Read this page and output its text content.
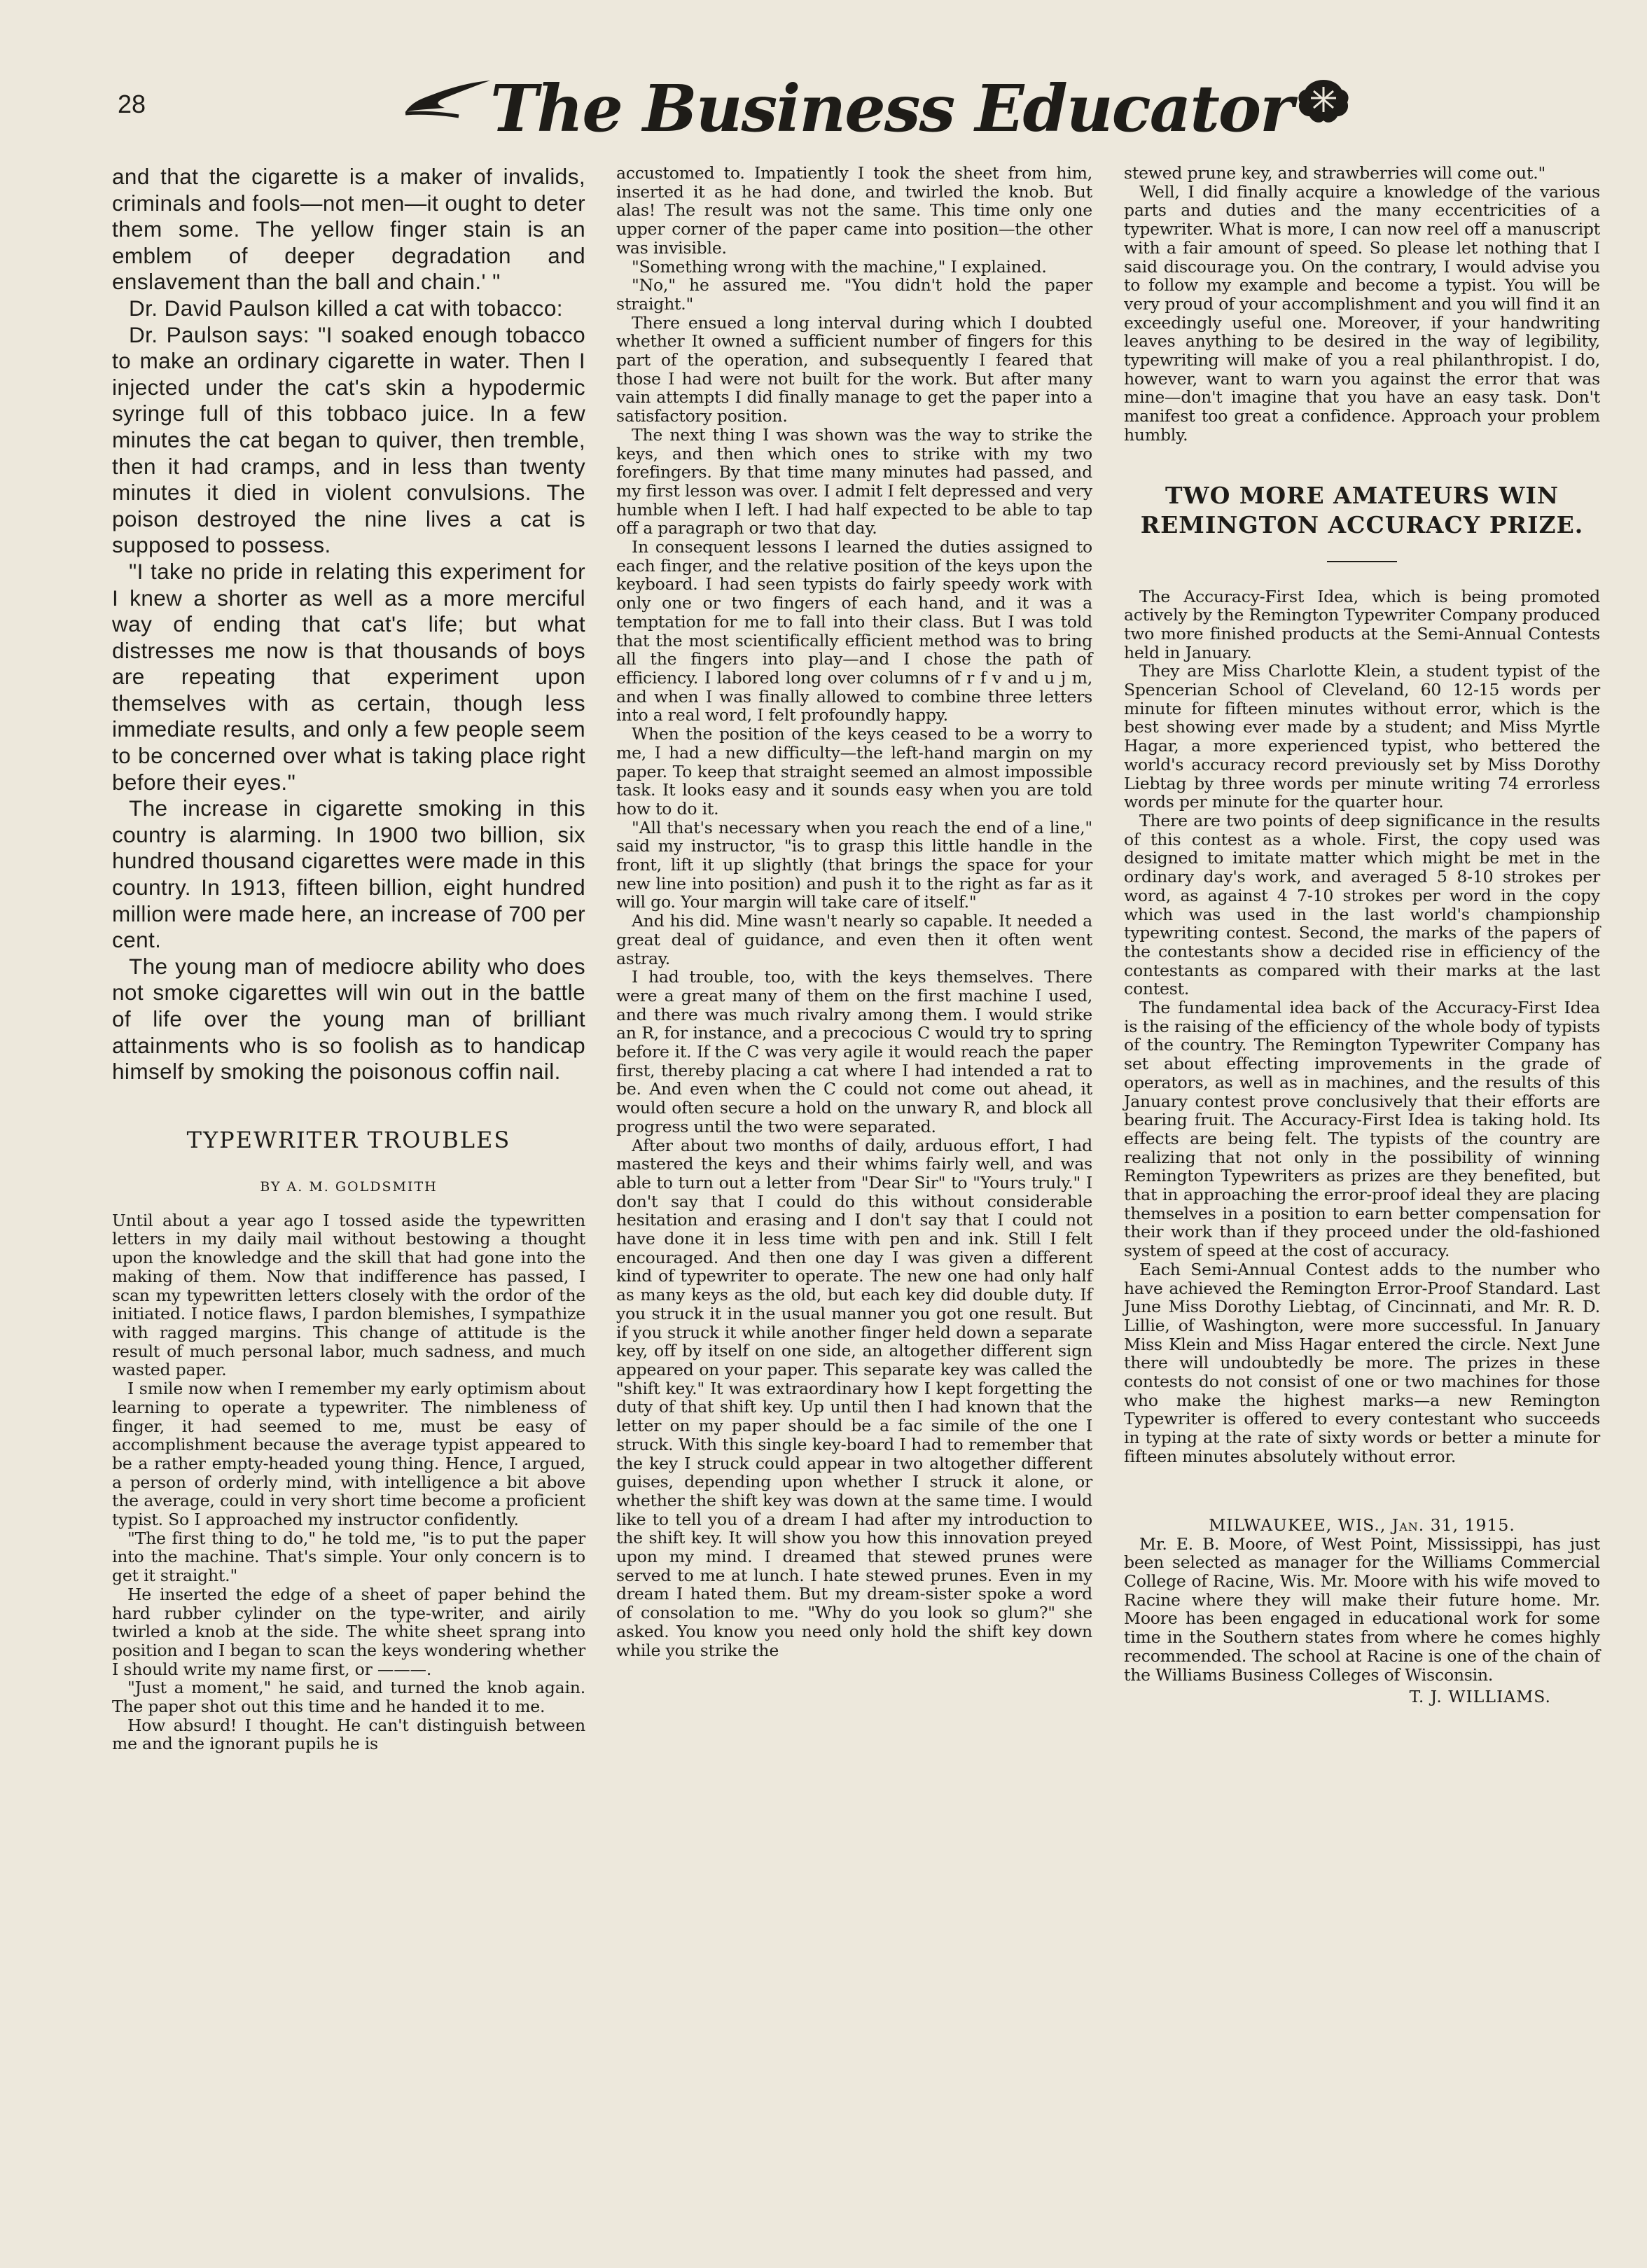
28	The Business Educator

and that the cigarette is a maker of invalids, criminals and fools—not men—it ought to deter them some. The yellow finger stain is an emblem of deeper degradation and enslavement than the ball and chain.' "

Dr. David Paulson killed a cat with tobacco:

Dr. Paulson says: "I soaked enough tobacco to make an ordinary cigarette in water. Then I injected under the cat's skin a hypodermic syringe full of this tobbaco juice. In a few minutes the cat began to quiver, then tremble, then it had cramps, and in less than twenty minutes it died in violent convulsions. The poison destroyed the nine lives a cat is supposed to possess.

"I take no pride in relating this experiment for I knew a shorter as well as a more merciful way of ending that cat's life; but what distresses me now is that thousands of boys are repeating that experiment upon themselves with as certain, though less immediate results, and only a few people seem to be concerned over what is taking place right before their eyes."

The increase in cigarette smoking in this country is alarming. In 1900 two billion, six hundred thousand cigarettes were made in this country. In 1913, fifteen billion, eight hundred million were made here, an increase of 700 per cent.

The young man of mediocre ability who does not smoke cigarettes will win out in the battle of life over the young man of brilliant attainments who is so foolish as to handicap himself by smoking the poisonous coffin nail.

TYPEWRITER TROUBLES
BY A. M. GOLDSMITH

Until about a year ago I tossed aside the typewritten letters in my daily mail without bestowing a thought upon the knowledge and the skill that had gone into the making of them. Now that indifference has passed, I scan my typewritten letters closely with the ordor of the initiated. I notice flaws, I pardon blemishes, I sympathize with ragged margins. This change of attitude is the result of much personal labor, much sadness, and much wasted paper.

I smile now when I remember my early optimism about learning to operate a typewriter. The nimbleness of finger, it had seemed to me, must be easy of accomplishment because the average typist appeared to be a rather empty-headed young thing. Hence, I argued, a person of orderly mind, with intelligence a bit above the average, could in very short time become a proficient typist. So I approached my instructor confidently.

"The first thing to do," he told me, "is to put the paper into the machine. That's simple. Your only concern is to get it straight."

He inserted the edge of a sheet of paper behind the hard rubber cylinder on the type-writer, and airily twirled a knob at the side. The white sheet sprang into position and I began to scan the keys wondering whether I should write my name first, or ———.

"Just a moment," he said, and turned the knob again. The paper shot out this time and he handed it to me.

How absurd! I thought. He can't distinguish between me and the ignorant pupils he is

accustomed to. Impatiently I took the sheet from him, inserted it as he had done, and twirled the knob. But alas! The result was not the same. This time only one upper corner of the paper came into position—the other was invisible.

"Something wrong with the machine," I explained.

"No," he assured me. "You didn't hold the paper straight."

There ensued a long interval during which I doubted whether It owned a sufficient number of fingers for this part of the operation, and subsequently I feared that those I had were not built for the work. But after many vain attempts I did finally manage to get the paper into a satisfactory position.

The next thing I was shown was the way to strike the keys, and then which ones to strike with my two forefingers. By that time many minutes had passed, and my first lesson was over. I admit I felt depressed and very humble when I left. I had half expected to be able to tap off a paragraph or two that day.

In consequent lessons I learned the duties assigned to each finger, and the relative position of the keys upon the keyboard. I had seen typists do fairly speedy work with only one or two fingers of each hand, and it was a temptation for me to fall into their class. But I was told that the most scientifically efficient method was to bring all the fingers into play—and I chose the path of efficiency. I labored long over columns of r f v and u j m, and when I was finally allowed to combine three letters into a real word, I felt profoundly happy.

When the position of the keys ceased to be a worry to me, I had a new difficulty—the left-hand margin on my paper. To keep that straight seemed an almost impossible task. It looks easy and it sounds easy when you are told how to do it.

"All that's necessary when you reach the end of a line," said my instructor, "is to grasp this little handle in the front, lift it up slightly (that brings the space for your new line into position) and push it to the right as far as it will go. Your margin will take care of itself."

And his did. Mine wasn't nearly so capable. It needed a great deal of guidance, and even then it often went astray.

I had trouble, too, with the keys themselves. There were a great many of them on the first machine I used, and there was much rivalry among them. I would strike an R, for instance, and a precocious C would try to spring before it. If the C was very agile it would reach the paper first, thereby placing a cat where I had intended a rat to be. And even when the C could not come out ahead, it would often secure a hold on the unwary R, and block all progress until the two were separated.

After about two months of daily, arduous effort, I had mastered the keys and their whims fairly well, and was able to turn out a letter from "Dear Sir" to "Yours truly." I don't say that I could do this without considerable hesitation and erasing and I don't say that I could not have done it in less time with pen and ink. Still I felt encouraged. And then one day I was given a different kind of typewriter to operate. The new one had only half as many keys as the old, but each key did double duty. If you struck it in the usual manner you got one result. But if you struck it while another finger held down a separate key, off by itself on one side, an altogether different sign appeared on your paper. This separate key was called the "shift key." It was extraordinary how I kept forgetting the duty of that shift key. Up until then I had known that the letter on my paper should be a fac simile of the one I struck. With this single key-board I had to remember that the key I struck could appear in two altogether different guises, depending upon whether I struck it alone, or whether the shift key was down at the same time. I would like to tell you of a dream I had after my introduction to the shift key. It will show you how this innovation preyed upon my mind. I dreamed that stewed prunes were served to me at lunch. I hate stewed prunes. Even in my dream I hated them. But my dream-sister spoke a word of consolation to me. "Why do you look so glum?" she asked. You know you need only hold the shift key down while you strike the

stewed prune key, and strawberries will come out."

Well, I did finally acquire a knowledge of the various parts and duties and the many eccentricities of a typewriter. What is more, I can now reel off a manuscript with a fair amount of speed. So please let nothing that I said discourage you. On the contrary, I would advise you to follow my example and become a typist. You will be very proud of your accomplishment and you will find it an exceedingly useful one. Moreover, if your handwriting leaves anything to be desired in the way of legibility, typewriting will make of you a real philanthropist. I do, however, want to warn you against the error that was mine—don't imagine that you have an easy task. Don't manifest too great a confidence. Approach your problem humbly.

TWO MORE AMATEURS WIN REMINGTON ACCURACY PRIZE.

The Accuracy-First Idea, which is being promoted actively by the Remington Typewriter Company produced two more finished products at the Semi-Annual Contests held in January.

They are Miss Charlotte Klein, a student typist of the Spencerian School of Cleveland, 60 12-15 words per minute for fifteen minutes without error, which is the best showing ever made by a student; and Miss Myrtle Hagar, a more experienced typist, who bettered the world's accuracy record previously set by Miss Dorothy Liebtag by three words per minute writing 74 errorless words per minute for the quarter hour.

There are two points of deep significance in the results of this contest as a whole. First, the copy used was designed to imitate matter which might be met in the ordinary day's work, and averaged 5 8-10 strokes per word, as against 4 7-10 strokes per word in the copy which was used in the last world's championship typewriting contest. Second, the marks of the papers of the contestants show a decided rise in efficiency of the contestants as compared with their marks at the last contest.

The fundamental idea back of the Accuracy-First Idea is the raising of the efficiency of the whole body of typists of the country. The Remington Typewriter Company has set about effecting improvements in the grade of operators, as well as in machines, and the results of this January contest prove conclusively that their efforts are bearing fruit. The Accuracy-First Idea is taking hold. Its effects are being felt. The typists of the country are realizing that not only in the possibility of winning Remington Typewriters as prizes are they benefited, but that in approaching the error-proof ideal they are placing themselves in a position to earn better compensation for their work than if they proceed under the old-fashioned system of speed at the cost of accuracy.

Each Semi-Annual Contest adds to the number who have achieved the Remington Error-Proof Standard. Last June Miss Dorothy Liebtag, of Cincinnati, and Mr. R. D. Lillie, of Washington, were more successful. In January Miss Klein and Miss Hagar entered the circle. Next June there will undoubtedly be more. The prizes in these contests do not consist of one or two machines for those who make the highest marks—a new Remington Typewriter is offered to every contestant who succeeds in typing at the rate of sixty words or better a minute for fifteen minutes absolutely without error.

MILWAUKEE, WIS., Jan. 31, 1915.

Mr. E. B. Moore, of West Point, Mississippi, has just been selected as manager for the Williams Commercial College of Racine, Wis. Mr. Moore with his wife moved to Racine where they will make their future home. Mr. Moore has been engaged in educational work for some time in the Southern states from where he comes highly recommended. The school at Racine is one of the chain of the Williams Business Colleges of Wisconsin.

T. J. WILLIAMS.
